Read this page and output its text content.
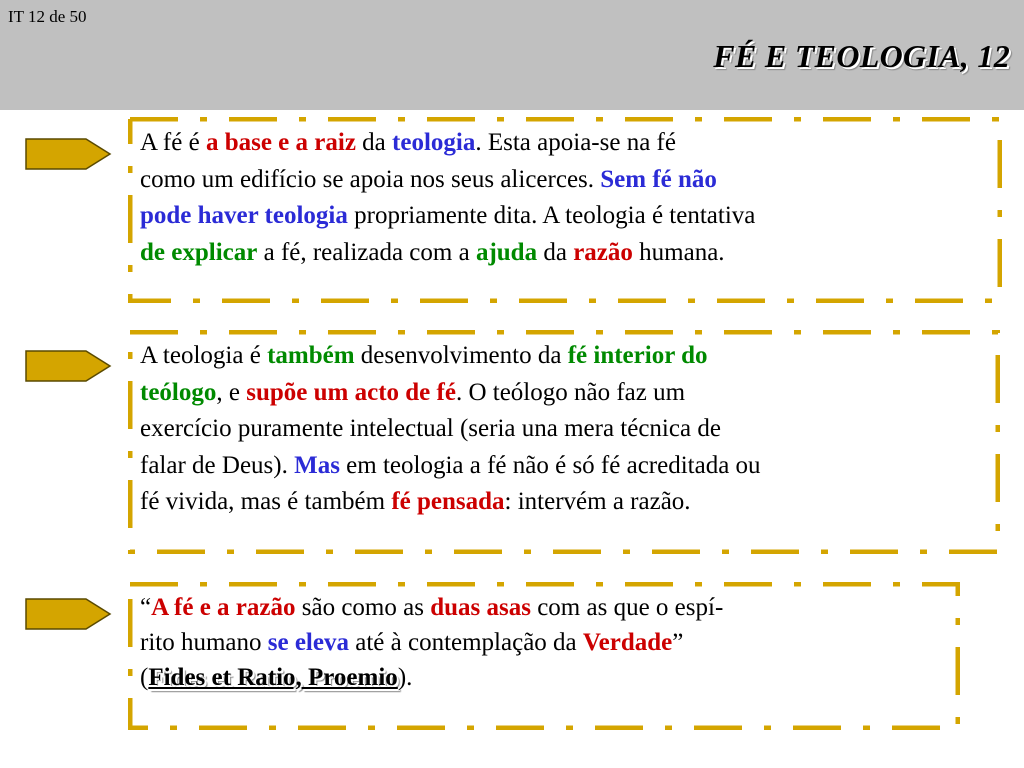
IT 12 de 50
FÉ E TEOLOGIA, 12

A fé é a base e a raiz da teologia. Esta apoia-se na fé
como um edifício se apoia nos seus alicerces. Sem fé não
pode haver teologia propriamente dita. A teologia é tentativa
de explicar a fé, realizada com a ajuda da razão humana.

A teologia é também desenvolvimento da fé interior do
teólogo, e supõe um acto de fé. O teólogo não faz um
exercício puramente intelectual (seria una mera técnica de
falar de Deus). Mas em teologia a fé não é só fé acreditada ou
fé vivida, mas é também fé pensada: intervém a razão.

“A fé e a razão são como as duas asas com as que o espí-
rito humano se eleva até à contemplação da Verdade”
(Fides et Ratio, Proemio).
